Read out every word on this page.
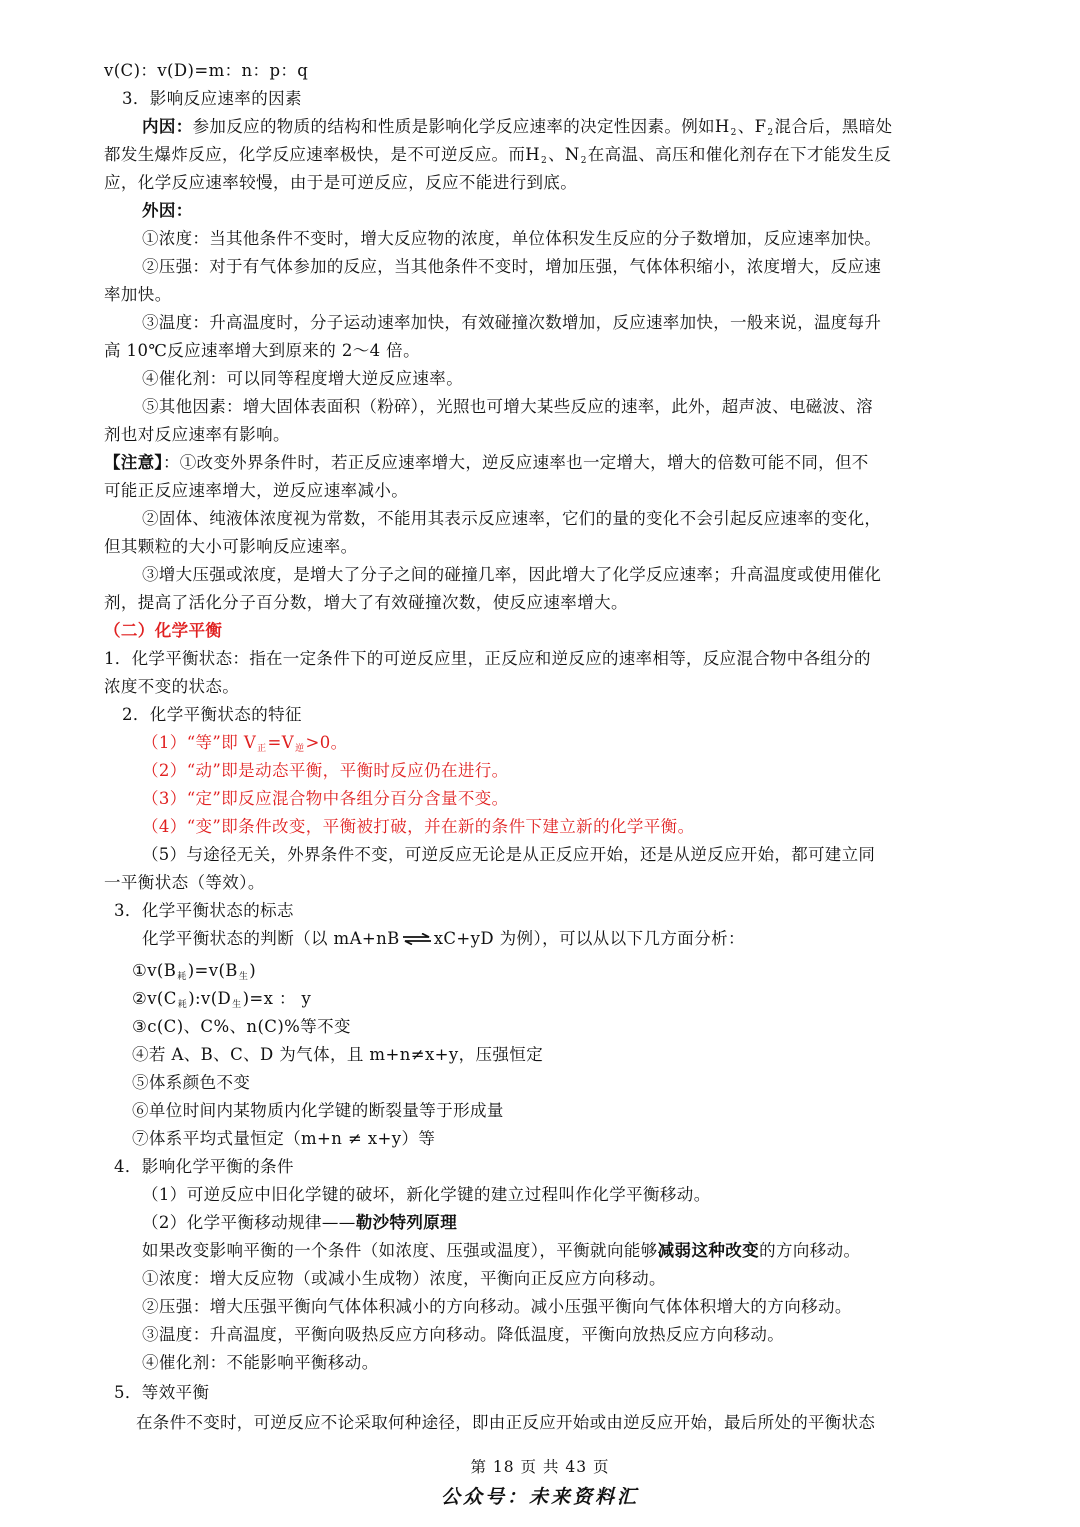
v(C)：v(D)=m：n：p：q
3．影响反应速率的因素
内因：参加反应的物质的结构和性质是影响化学反应速率的决定性因素。例如$H_2$、$F_2$混合后，黑暗处
都发生爆炸反应，化学反应速率极快，是不可逆反应。而$H_2$、$N_2$在高温、高压和催化剂存在下才能发生反
应，化学反应速率较慢，由于是可逆反应，反应不能进行到底。
外因：
①浓度：当其他条件不变时，增大反应物的浓度，单位体积发生反应的分子数增加，反应速率加快。
②压强：对于有气体参加的反应，当其他条件不变时，增加压强，气体体积缩小，浓度增大，反应速
率加快。
③温度：升高温度时，分子运动速率加快，有效碰撞次数增加，反应速率加快，一般来说，温度每升
高 10℃反应速率增大到原来的 2～4 倍。
④催化剂：可以同等程度增大逆反应速率。
⑤其他因素：增大固体表面积（粉碎），光照也可增大某些反应的速率，此外，超声波、电磁波、溶
剂也对反应速率有影响。
【注意】：①改变外界条件时，若正反应速率增大，逆反应速率也一定增大，增大的倍数可能不同，但不
可能正反应速率增大，逆反应速率减小。
②固体、纯液体浓度视为常数，不能用其表示反应速率，它们的量的变化不会引起反应速率的变化，
但其颗粒的大小可影响反应速率。
③增大压强或浓度，是增大了分子之间的碰撞几率，因此增大了化学反应速率；升高温度或使用催化
剂，提高了活化分子百分数，增大了有效碰撞次数，使反应速率增大。
（二）化学平衡
1．化学平衡状态：指在一定条件下的可逆反应里，正反应和逆反应的速率相等，反应混合物中各组分的
浓度不变的状态。
2．化学平衡状态的特征
（1）“等”即 $V_正=V_逆>0$。
（2）“动”即是动态平衡，平衡时反应仍在进行。
（3）“定”即反应混合物中各组分百分含量不变。
（4）“变”即条件改变，平衡被打破，并在新的条件下建立新的化学平衡。
（5）与途径无关，外界条件不变，可逆反应无论是从正反应开始，还是从逆反应开始，都可建立同
一平衡状态（等效）。
3．化学平衡状态的标志
化学平衡状态的判断（以 mA+nB ⇌ xC+yD 为例），可以从以下几方面分析：
$①v(B_耗)=v(B_生)$
$②v(C_耗):v(D_生)=x$ ： y
③c(C)、C%、n(C)%等不变
④若 A、B、C、D 为气体，且 m+n≠x+y，压强恒定
⑤体系颜色不变
⑥单位时间内某物质内化学键的断裂量等于形成量
⑦体系平均式量恒定（m+n ≠ x+y）等
4．影响化学平衡的条件
（1）可逆反应中旧化学键的破坏，新化学键的建立过程叫作化学平衡移动。
（2）化学平衡移动规律——勒沙特列原理
如果改变影响平衡的一个条件（如浓度、压强或温度），平衡就向能够减弱这种改变的方向移动。
①浓度：增大反应物（或减小生成物）浓度，平衡向正反应方向移动。
②压强：增大压强平衡向气体体积减小的方向移动。减小压强平衡向气体体积增大的方向移动。
③温度：升高温度，平衡向吸热反应方向移动。降低温度，平衡向放热反应方向移动。
④催化剂：不能影响平衡移动。
5．等效平衡
在条件不变时，可逆反应不论采取何种途径，即由正反应开始或由逆反应开始，最后所处的平衡状态
第 18 页 共 43 页
公众号：未来资料汇
